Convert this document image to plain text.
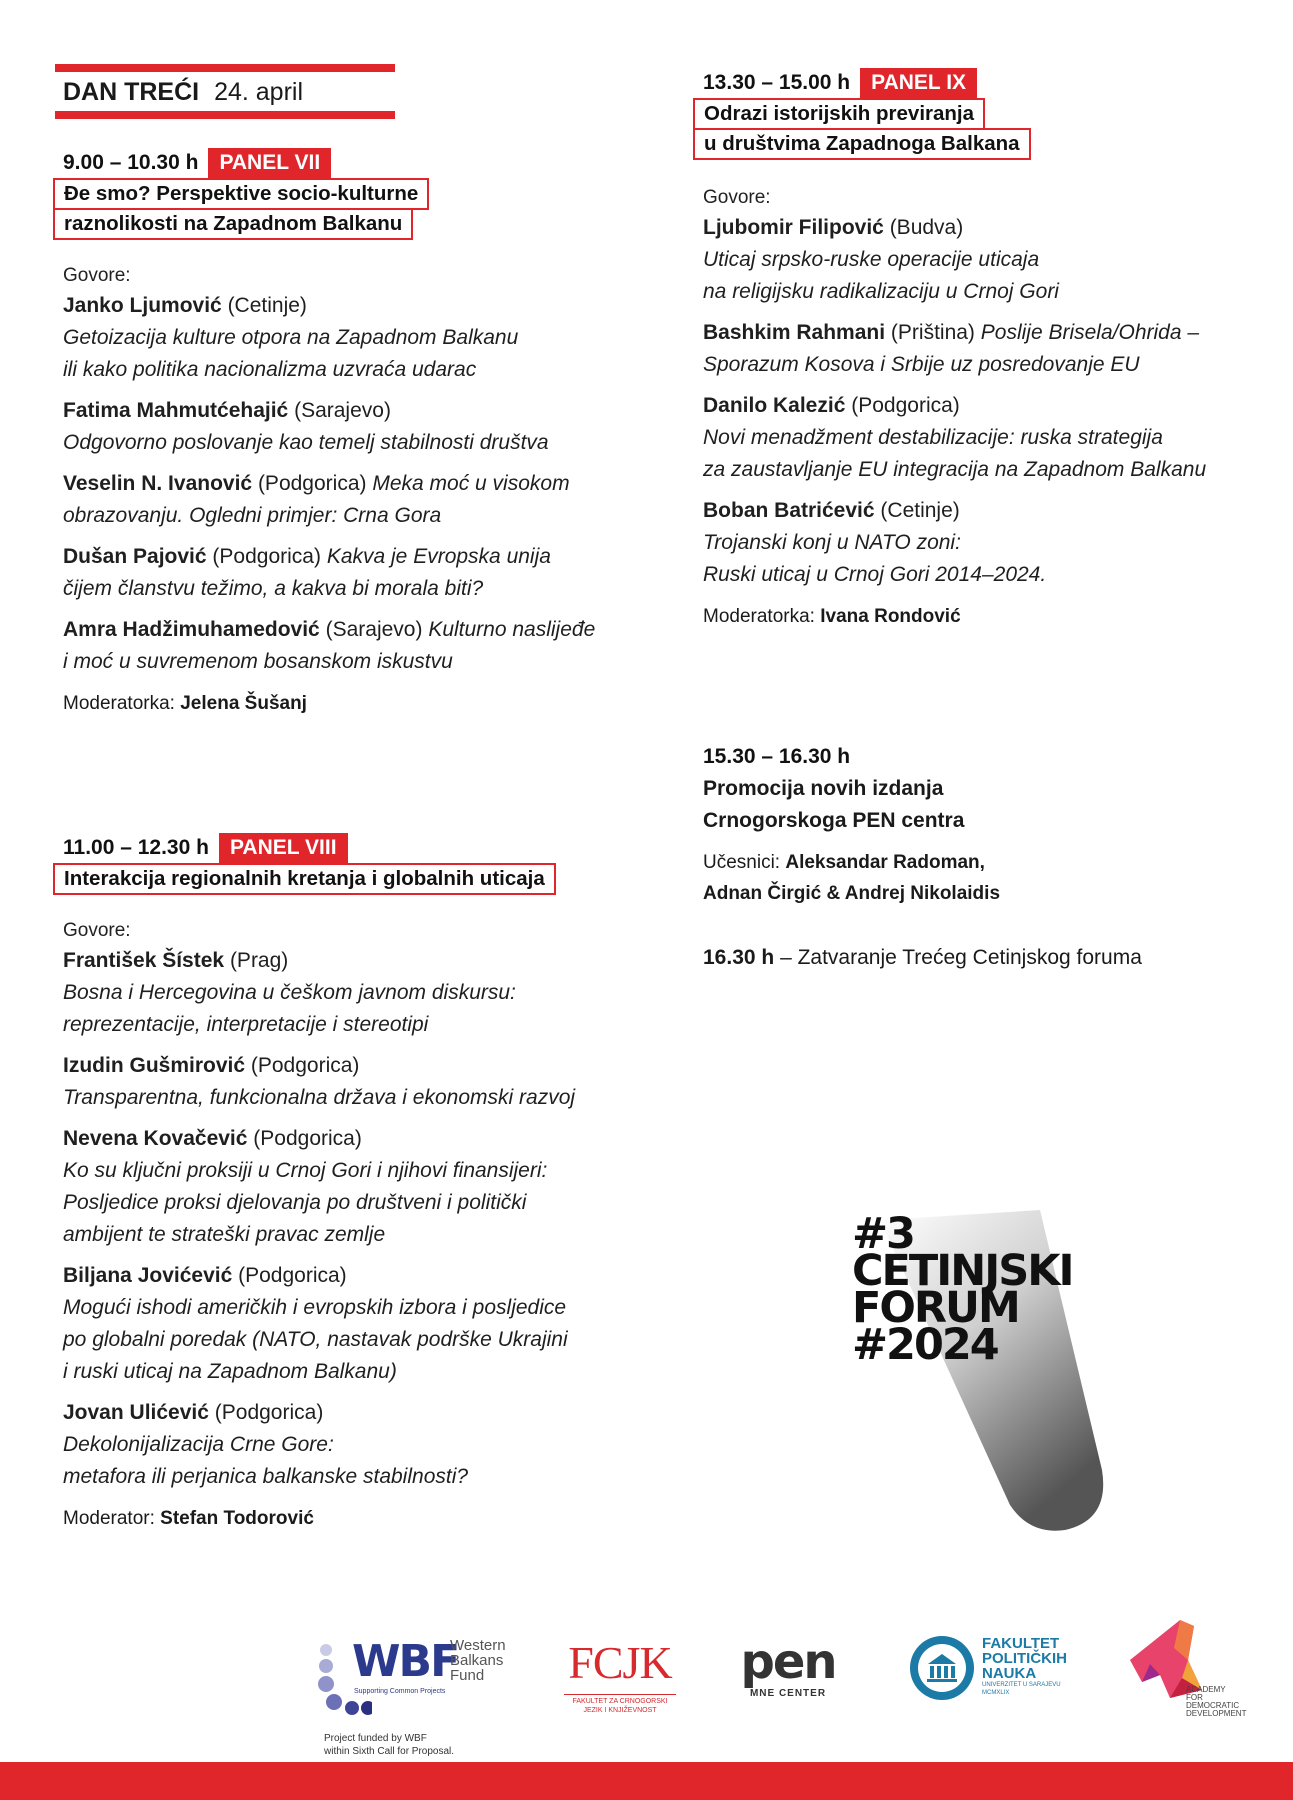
DAN TREĆI 24. april
9.00 – 10.30 h PANEL VII
Đe smo? Perspektive socio-kulturne
raznolikosti na Zapadnom Balkanu
Govore:
Janko Ljumović (Cetinje)
Getoizacija kulture otpora na Zapadnom Balkanu
ili kako politika nacionalizma uzvraća udarac
Fatima Mahmutćehajić (Sarajevo)
Odgovorno poslovanje kao temelj stabilnosti društva
Veselin N. Ivanović (Podgorica) Meka moć u visokom
obrazovanju. Ogledni primjer: Crna Gora
Dušan Pajović (Podgorica) Kakva je Evropska unija
čijem članstvu težimo, a kakva bi morala biti?
Amra Hadžimuhamedović (Sarajevo) Kulturno naslijeđe
i moć u suvremenom bosanskom iskustvu
Moderatorka: Jelena Šušanj
11.00 – 12.30 h PANEL VIII
Interakcija regionalnih kretanja i globalnih uticaja
Govore:
František Šístek (Prag)
Bosna i Hercegovina u češkom javnom diskursu:
reprezentacije, interpretacije i stereotipi
Izudin Gušmirović (Podgorica)
Transparentna, funkcionalna država i ekonomski razvoj
Nevena Kovačević (Podgorica)
Ko su ključni proksiji u Crnoj Gori i njihovi finansijeri:
Posljedice proksi djelovanja po društveni i politički
ambijent te strateški pravac zemlje
Biljana Jovićević (Podgorica)
Mogući ishodi američkih i evropskih izbora i posljedice
po globalni poredak (NATO, nastavak podrške Ukrajini
i ruski uticaj na Zapadnom Balkanu)
Jovan Ulićević (Podgorica)
Dekolonijalizacija Crne Gore:
metafora ili perjanica balkanske stabilnosti?
Moderator: Stefan Todorović
13.30 – 15.00 h PANEL IX
Odrazi istorijskih previranja
u društvima Zapadnoga Balkana
Govore:
Ljubomir Filipović (Budva)
Uticaj srpsko-ruske operacije uticaja
na religijsku radikalizaciju u Crnoj Gori
Bashkim Rahmani (Priština) Poslije Brisela/Ohrida –
Sporazum Kosova i Srbije uz posredovanje EU
Danilo Kalezić (Podgorica)
Novi menadžment destabilizacije: ruska strategija
za zaustavljanje EU integracija na Zapadnom Balkanu
Boban Batrićević (Cetinje)
Trojanski konj u NATO zoni:
Ruski uticaj u Crnoj Gori 2014–2024.
Moderatorka: Ivana Rondović
15.30 – 16.30 h
Promocija novih izdanja
Crnogorskoga PEN centra
Učesnici: Aleksandar Radoman,
Adnan Čirgić & Andrej Nikolaidis
16.30 h – Zatvaranje Trećeg Cetinjskog foruma
#3
CETINJSKI
FORUM
#2024
WBF
Western
Balkans
Fund
Supporting Common Projects
Project funded by WBF
within Sixth Call for Proposal.
FCJK
FAKULTET ZA CRNOGORSKI
JEZIK I KNJIŽEVNOST
pen
MNE CENTER
FAKULTET
POLITIČKIH
NAUKA
UNIVERZITET U SARAJEVU
MCMXLIX	ACADEMY
FOR
DEMOCRATIC
DEVELOPMENT
